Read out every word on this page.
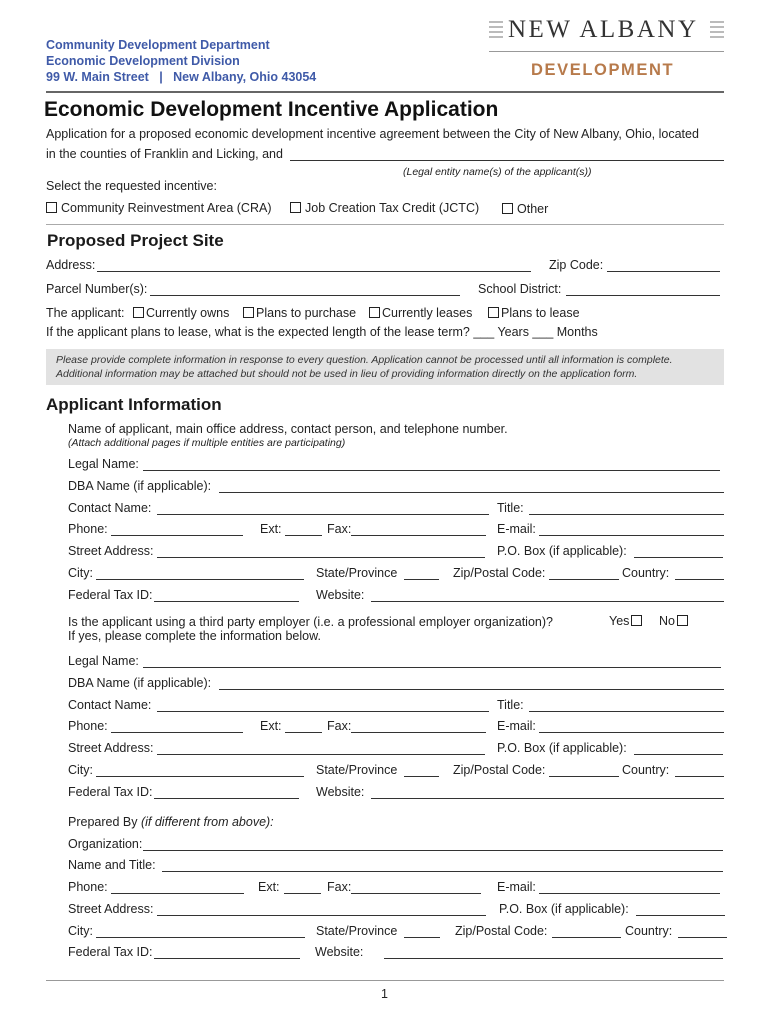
Community Development Department
Economic Development Division
99 W. Main Street   |   New Albany, Ohio 43054
NEW ALBANY
DEVELOPMENT
Economic Development Incentive Application
Application for a proposed economic development incentive agreement between the City of New Albany, Ohio, located
in the counties of Franklin and Licking, and
(Legal entity name(s) of the applicant(s))
Select the requested incentive:
Community Reinvestment Area (CRA)	Job Creation Tax Credit (JCTC)	Other
Proposed Project Site
Address:	Zip Code:
Parcel Number(s):	School District:
The applicant:	Currently owns	Plans to purchase	Currently leases	Plans to lease
If the applicant plans to lease, what is the expected length of the lease term? ___ Years ___ Months
Please provide complete information in response to every question. Application cannot be processed until all information is complete.
Additional information may be attached but should not be used in lieu of providing information directly on the application form.
Applicant Information
Name of applicant, main office address, contact person, and telephone number.
(Attach additional pages if multiple entities are participating)
Legal Name:
DBA Name (if applicable):
Contact Name:	Title:
Phone:	Ext:	Fax:	E-mail:
Street Address:	P.O. Box (if applicable):
City:	State/Province	Zip/Postal Code:	Country:
Federal Tax ID:	Website:
Is the applicant using a third party employer (i.e. a professional employer organization)?
If yes, please complete the information below.
Yes	No
Legal Name:
DBA Name (if applicable):
Contact Name:	Title:
Phone:	Ext:	Fax:	E-mail:
Street Address:	P.O. Box (if applicable):
City:	State/Province	Zip/Postal Code:	Country:
Federal Tax ID:	Website:
Prepared By (if different from above):
Organization:
Name and Title:
Phone:	Ext:	Fax:	E-mail:
Street Address:	P.O. Box (if applicable):
City:	State/Province	Zip/Postal Code:	Country:
Federal Tax ID:	Website:
1
